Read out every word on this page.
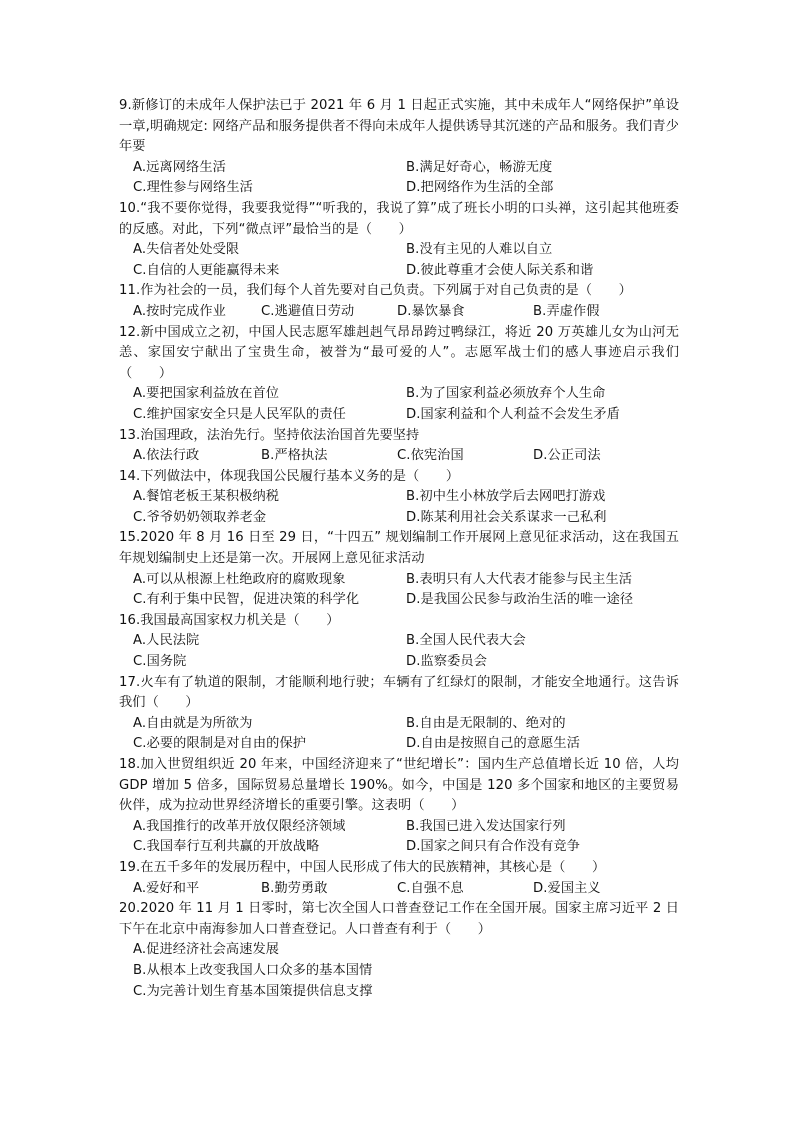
9.新修订的未成年人保护法已于 2021 年 6 月 1 日起正式实施，其中未成年人“网络保护”单设一章,明确规定: 网络产品和服务提供者不得向未成年人提供诱导其沉迷的产品和服务。我们青少年要
A.远离网络生活	B.满足好奇心，畅游无度
C.理性参与网络生活	D.把网络作为生活的全部
10.“我不要你觉得，我要我觉得”“听我的，我说了算”成了班长小明的口头禅，这引起其他班委的反感。对此，下列“微点评”最恰当的是（　　）
A.失信者处处受限	B.没有主见的人难以自立
C.自信的人更能赢得未来	D.彼此尊重才会使人际关系和谐
11.作为社会的一员，我们每个人首先要对自己负责。下列属于对自己负责的是（　　）
A.按时完成作业	C.逃避值日劳动	D.暴饮暴食	B.弄虚作假
12.新中国成立之初，中国人民志愿军雄赳赳气昂昂跨过鸭绿江，将近 20 万英雄儿女为山河无恙、家国安宁献出了宝贵生命，被誉为“最可爱的人”。志愿军战士们的感人事迹启示我们（　　）
A.要把国家利益放在首位	B.为了国家利益必须放弃个人生命
C.维护国家安全只是人民军队的责任	D.国家利益和个人利益不会发生矛盾
13.治国理政，法治先行。坚持依法治国首先要坚持
A.依法行政	B.严格执法	C.依宪治国	D.公正司法
14.下列做法中，体现我国公民履行基本义务的是（　　）
A.餐馆老板王某积极纳税	B.初中生小林放学后去网吧打游戏
C.爷爷奶奶领取养老金	D.陈某利用社会关系谋求一己私利
15.2020 年 8 月 16 日至 29 日，“十四五” 规划编制工作开展网上意见征求活动，这在我国五年规划编制史上还是第一次。开展网上意见征求活动
A.可以从根源上杜绝政府的腐败现象	B.表明只有人大代表才能参与民主生活
C.有利于集中民智，促进决策的科学化	D.是我国公民参与政治生活的唯一途径
16.我国最高国家权力机关是（　　）
A.人民法院	B.全国人民代表大会
C.国务院	D.监察委员会
17.火车有了轨道的限制，才能顺利地行驶；车辆有了红绿灯的限制，才能安全地通行。这告诉我们（　　）
A.自由就是为所欲为	B.自由是无限制的、绝对的
C.必要的限制是对自由的保护	D.自由是按照自己的意愿生活
18.加入世贸组织近 20 年来，中国经济迎来了“世纪增长”：国内生产总值增长近 10 倍，人均 GDP 增加 5 倍多，国际贸易总量增长 190%。如今，中国是 120 多个国家和地区的主要贸易伙伴，成为拉动世界经济增长的重要引擎。这表明（　　）
A.我国推行的改革开放仅限经济领域	B.我国已进入发达国家行列
C.我国奉行互利共赢的开放战略	D.国家之间只有合作没有竞争
19.在五千多年的发展历程中，中国人民形成了伟大的民族精神，其核心是（　　）
A.爱好和平	B.勤劳勇敢	C.自强不息	D.爱国主义
20.2020 年 11 月 1 日零时，第七次全国人口普查登记工作在全国开展。国家主席习近平 2 日下午在北京中南海参加人口普查登记。人口普查有利于（　　）
A.促进经济社会高速发展
B.从根本上改变我国人口众多的基本国情
C.为完善计划生育基本国策提供信息支撑
